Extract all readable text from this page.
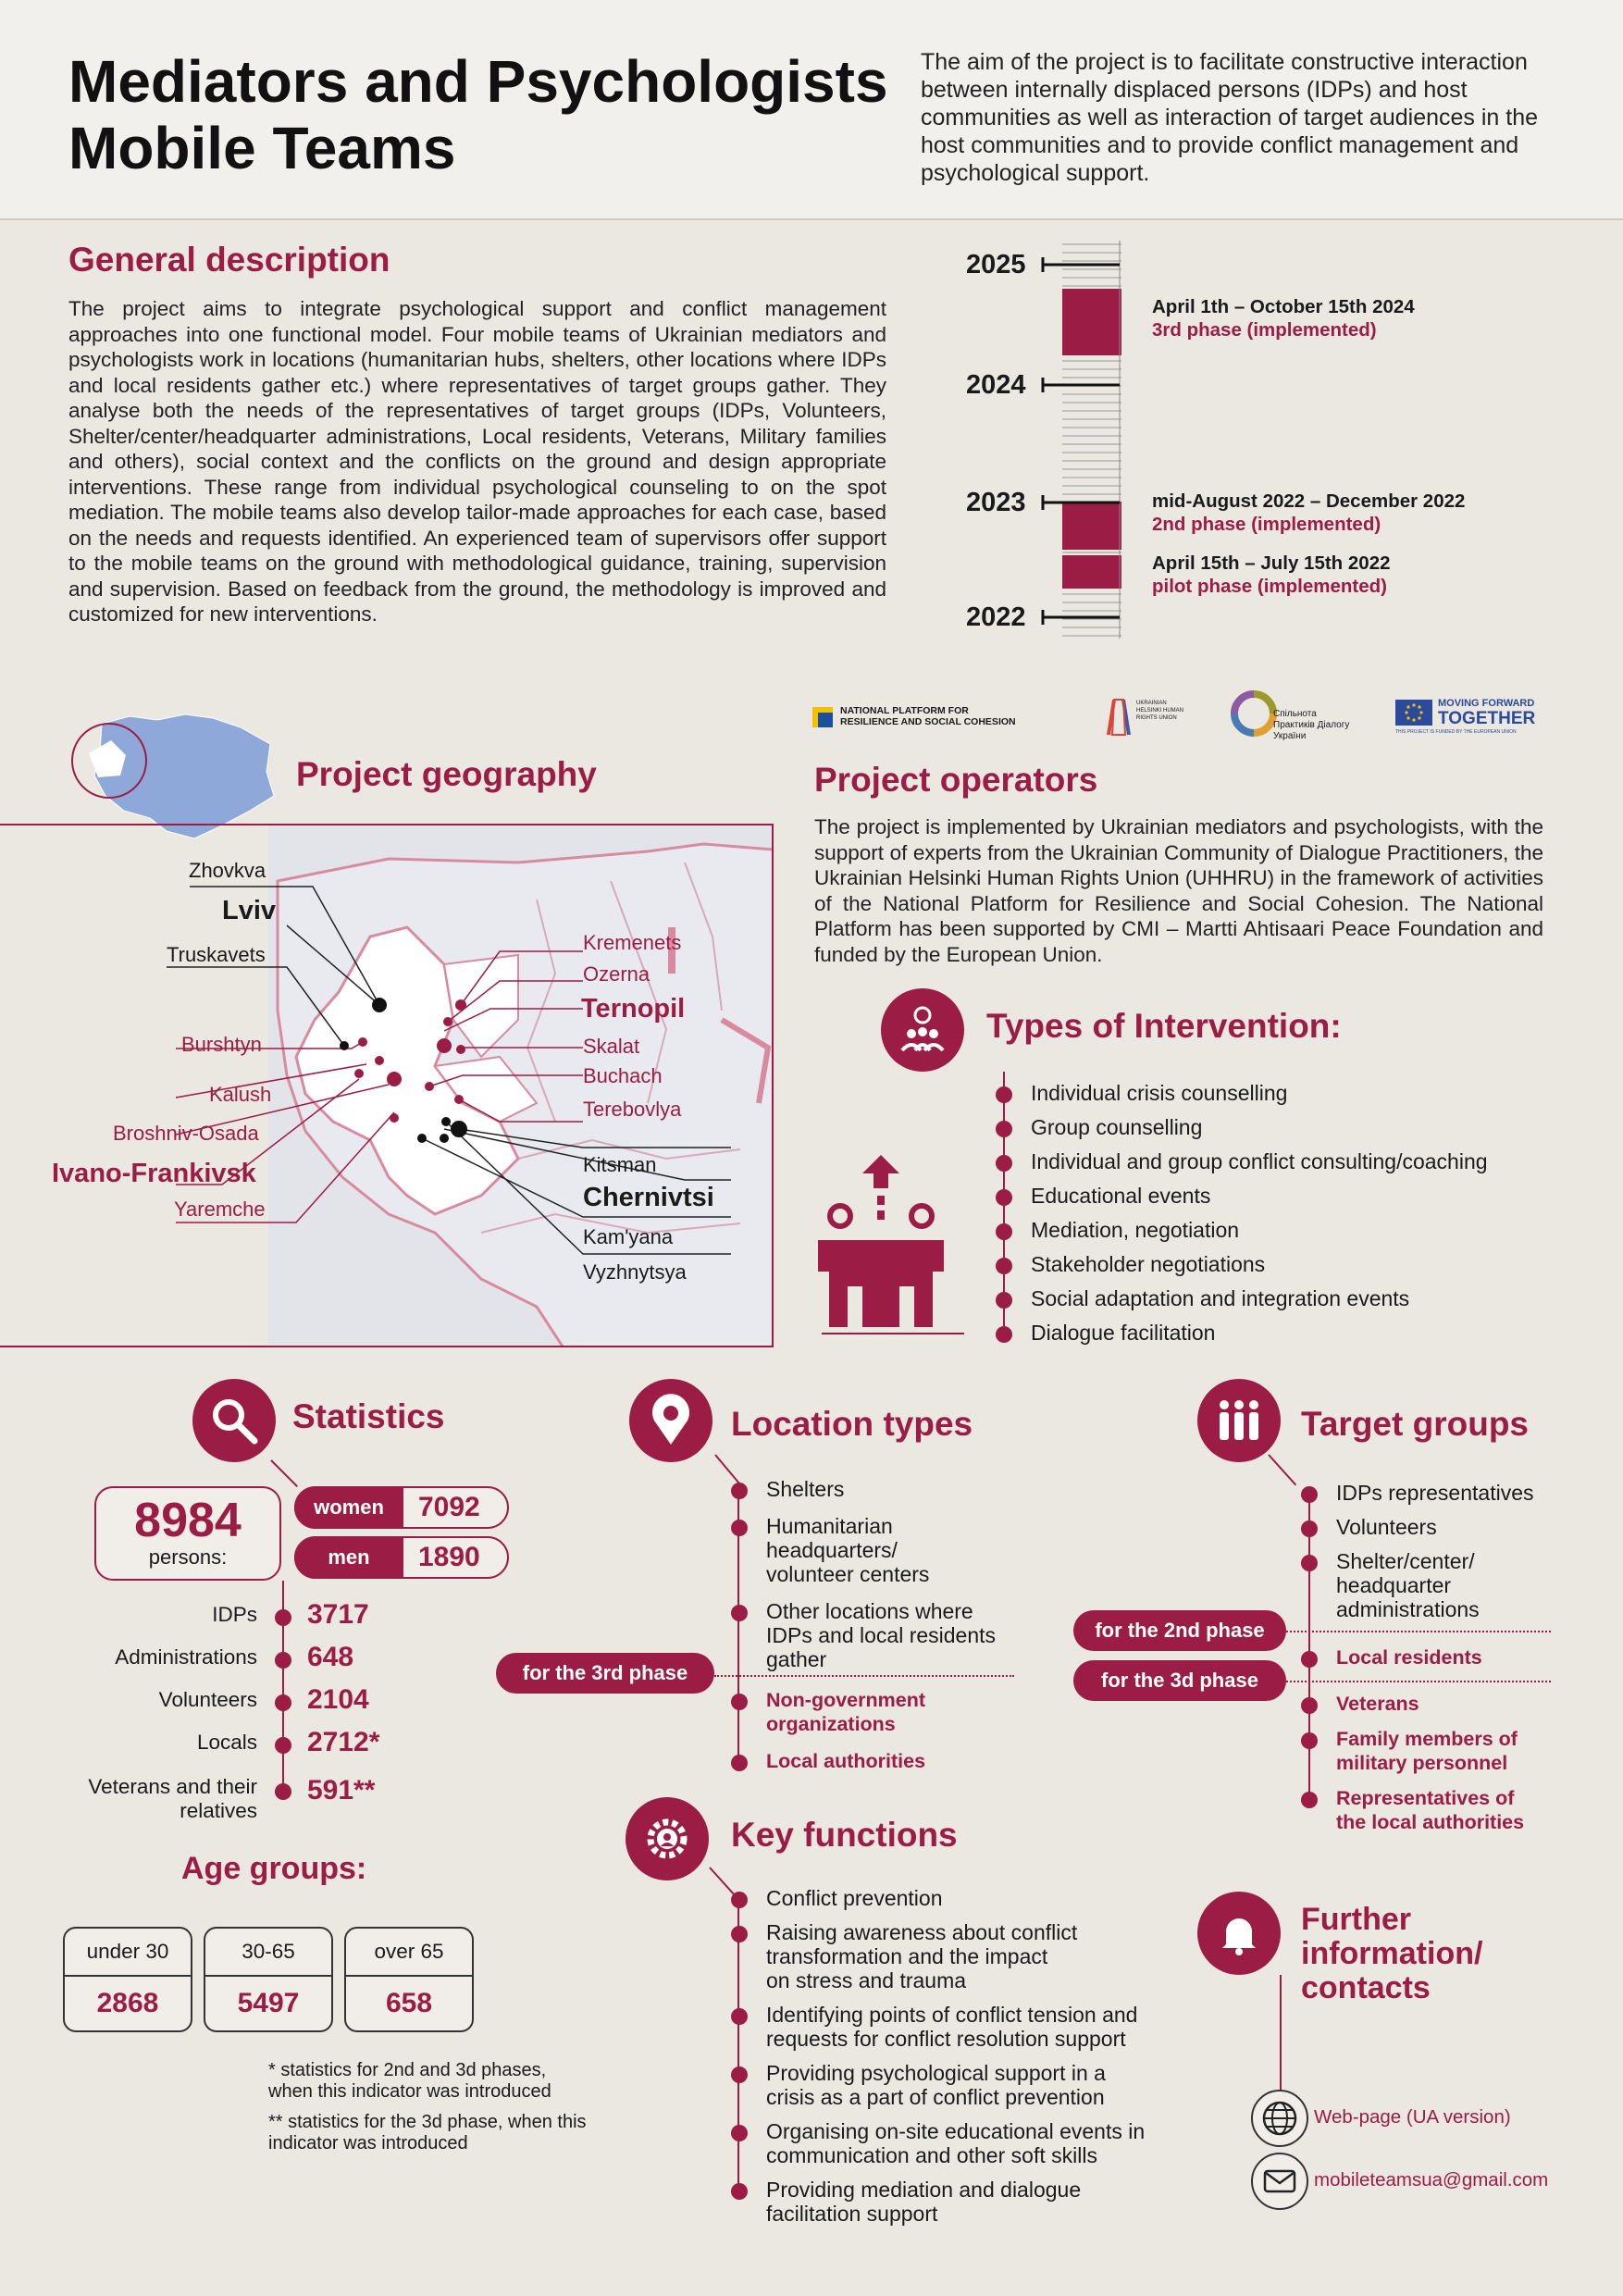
Mediators and Psychologists
Mobile Teams
The aim of the project is to facilitate constructive interaction between internally displaced persons (IDPs) and host communities as well as interaction of target audiences in the host communities and to provide conflict management and psychological support.
General description
The project aims to integrate psychological support and conflict management approaches into one functional model. Four mobile teams of Ukrainian mediators and psychologists work in locations (humanitarian hubs, shelters, other locations where IDPs and local residents gather etc.) where representatives of target groups gather. They analyse both the needs of the representatives of target groups (IDPs, Volunteers, Shelter/center/headquarter administrations, Local residents, Veterans, Military families and others), social context and the conflicts on the ground and design appropriate interventions. These range from individual psychological counseling to on the spot mediation. The mobile teams also develop tailor-made approaches for each case, based on the needs and requests identified. An experienced team of supervisors offer support to the mobile teams on the ground with methodological guidance, training, supervision and supervision. Based on feedback from the ground, the methodology is improved and customized for new interventions.
2025
2024
2023
2022
April 1th – October 15th 2024
3rd phase (implemented)
mid-August 2022 – December 2022
2nd phase (implemented)
April 15th – July 15th 2022
pilot phase (implemented)
NATIONAL PLATFORM FOR
RESILIENCE AND SOCIAL COHESION
UKRAINIAN HELSINKI HUMAN RIGHTS UNION	Спільнота Практиків Діалогу України
MOVING FORWARD
TOGETHER
THIS PROJECT IS FUNDED BY THE EUROPEAN UNION
Project geography
Zhovkva
Lviv
Truskavets
Burshtyn
Kalush
Broshniv-Osada
Ivano-Frankivsk
Yaremche
Kremenets
Ozerna
Ternopil
Skalat
Buchach
Terebovlya
Kitsman
Chernivtsi
Kam'yana
Vyzhnytsya
Project operators
The project is implemented by Ukrainian mediators and psychologists, with the support of experts from the Ukrainian Community of Dialogue Practitioners, the Ukrainian Helsinki Human Rights Union (UHHRU) in the framework of activities of the National Platform for Resilience and Social Cohesion. The National Platform has been supported by CMI – Martti Ahtisaari Peace Foundation and funded by the European Union.
Types of Intervention:
Individual crisis counselling
Group counselling
Individual and group conflict consulting/coaching
Educational events
Mediation, negotiation
Stakeholder negotiations
Social adaptation and integration events
Dialogue facilitation
Statistics
8984
persons:
women	7092
men	1890
IDPs 3717
Administrations 648
Volunteers 2104
Locals 2712*
Veterans and their
relatives
591**
Age groups:
under 30
2868
30-65
5497
over 65
658
* statistics for 2nd and 3d phases,
when this indicator was introduced
** statistics for the 3d phase, when this
indicator was introduced
Location types
Shelters
Humanitarian
headquarters/
volunteer centers
Other locations where
IDPs and local residents
gather
for the 3rd phase
Non-government
organizations
Local authorities
Target groups
IDPs representatives
Volunteers
Shelter/center/
headquarter
administrations
for the 2nd phase
Local residents
for the 3d phase
Veterans
Family members of
military personnel
Representatives of
the local authorities
Key functions
Conflict prevention
Raising awareness about conflict
transformation and the impact
on stress and trauma
Identifying points of conflict tension and
requests for conflict resolution support
Providing psychological support in a
crisis as a part of conflict prevention
Organising on-site educational events in
communication and other soft skills
Providing mediation and dialogue
facilitation support
Further
information/
contacts
Web-page (UA version)
mobileteamsua@gmail.com
